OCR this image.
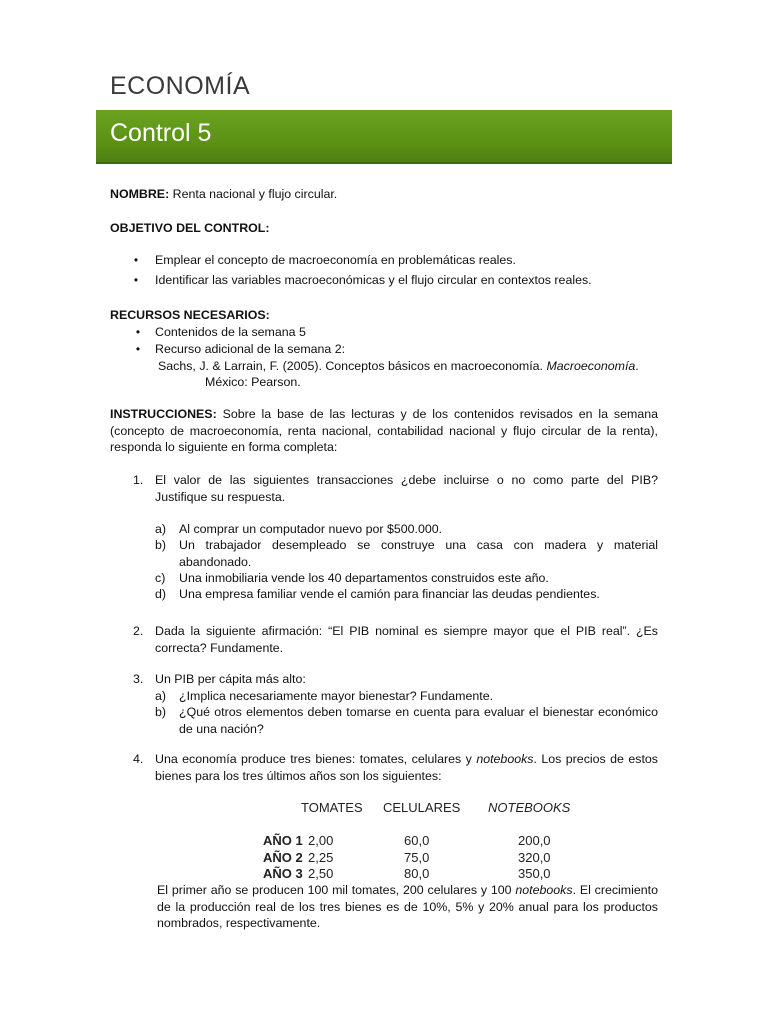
ECONOMÍA
Control 5
NOMBRE: Renta nacional y flujo circular.
OBJETIVO DEL CONTROL:
• Emplear el concepto de macroeconomía en problemáticas reales.
• Identificar las variables macroeconómicas y el flujo circular en contextos reales.
RECURSOS NECESARIOS:
• Contenidos de la semana 5
• Recurso adicional de la semana 2:
Sachs, J. & Larrain, F. (2005). Conceptos básicos en macroeconomía. Macroeconomía.
México: Pearson.
INSTRUCCIONES: Sobre la base de las lecturas y de los contenidos revisados en la semana (concepto de macroeconomía, renta nacional, contabilidad nacional y flujo circular de la renta), responda lo siguiente en forma completa:
1. El valor de las siguientes transacciones ¿debe incluirse o no como parte del PIB? Justifique su respuesta.
a)	Al comprar un computador nuevo por $500.000.
b)	Un trabajador desempleado se construye una casa con madera y material abandonado.
c)	Una inmobiliaria vende los 40 departamentos construidos este año.
d)	Una empresa familiar vende el camión para financiar las deudas pendientes.
2. Dada la siguiente afirmación: “El PIB nominal es siempre mayor que el PIB real”. ¿Es correcta? Fundamente.
3. Un PIB per cápita más alto:
a)	¿Implica necesariamente mayor bienestar? Fundamente.
b)	¿Qué otros elementos deben tomarse en cuenta para evaluar el bienestar económico de una nación?
4. Una economía produce tres bienes: tomates, celulares y notebooks. Los precios de estos bienes para los tres últimos años son los siguientes:
TOMATES CELULARES NOTEBOOKS
AÑO 1 2,00	60,0	200,0
AÑO 2 2,25	75,0	320,0
AÑO 3 2,50	80,0	350,0
El primer año se producen 100 mil tomates, 200 celulares y 100 notebooks. El crecimiento de la producción real de los tres bienes es de 10%, 5% y 20% anual para los productos nombrados, respectivamente.
